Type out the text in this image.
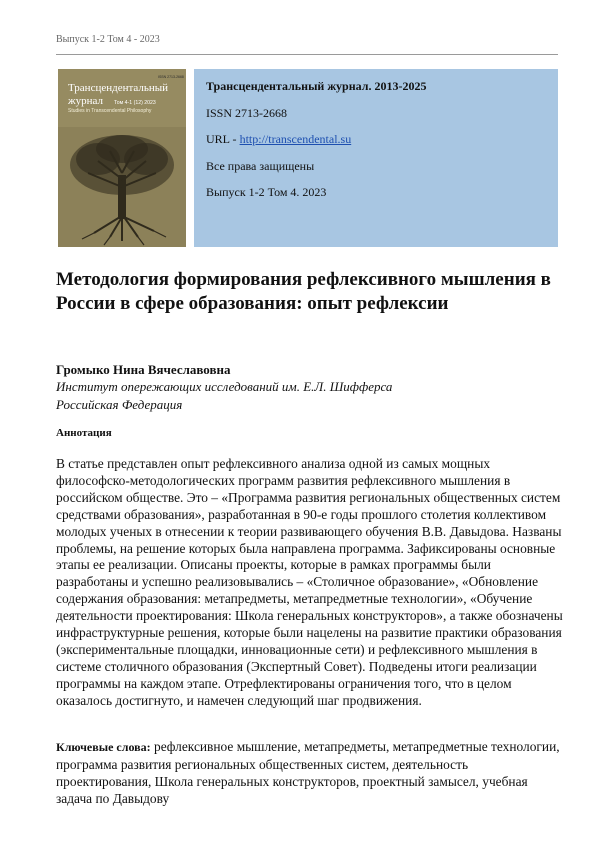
Выпуск 1-2 Том 4 - 2023
ISSN 2713-2668
Трансцендентальный
журнал Том 4-1 (12) 2023
Studies in Transcendental Philosophy
Трансцендентальный журнал. 2013-2025
ISSN 2713-2668
URL - http://transcendental.su
Все права защищены
Выпуск 1-2 Том 4. 2023
Методология формирования рефлексивного мышления в России в сфере образования: опыт рефлексии
Громыко Нина Вячеславовна
Институт опережающих исследований им. Е.Л. Шифферса
Российская Федерация
Аннотация

В статье представлен опыт рефлексивного анализа одной из самых мощных философско-методологических программ развития рефлексивного мышления в российском обществе. Это – «Программа развития региональных общественных систем средствами образования», разработанная в 90-е годы прошлого столетия коллективом молодых ученых в отнесении к теории развивающего обучения В.В. Давыдова. Названы проблемы, на решение которых была направлена программа. Зафиксированы основные этапы ее реализации. Описаны проекты, которые в рамках программы были разработаны и успешно реализовывались – «Столичное образование», «Обновление содержания образования: метапредметы, метапредметные технологии», «Обучение деятельности проектирования: Школа генеральных конструкторов», а также обозначены инфраструктурные решения, которые были нацелены на развитие практики образования (экспериментальные площадки, инновационные сети) и рефлексивного мышления в системе столичного образования (Экспертный Совет). Подведены итоги реализации программы на каждом этапе. Отрефлектированы ограничения того, что в целом оказалось достигнуто, и намечен следующий шаг продвижения.

Ключевые слова: рефлексивное мышление, метапредметы, метапредметные технологии, программа развития региональных общественных систем, деятельность проектирования, Школа генеральных конструкторов, проектный замысел, учебная задача по Давыдову
